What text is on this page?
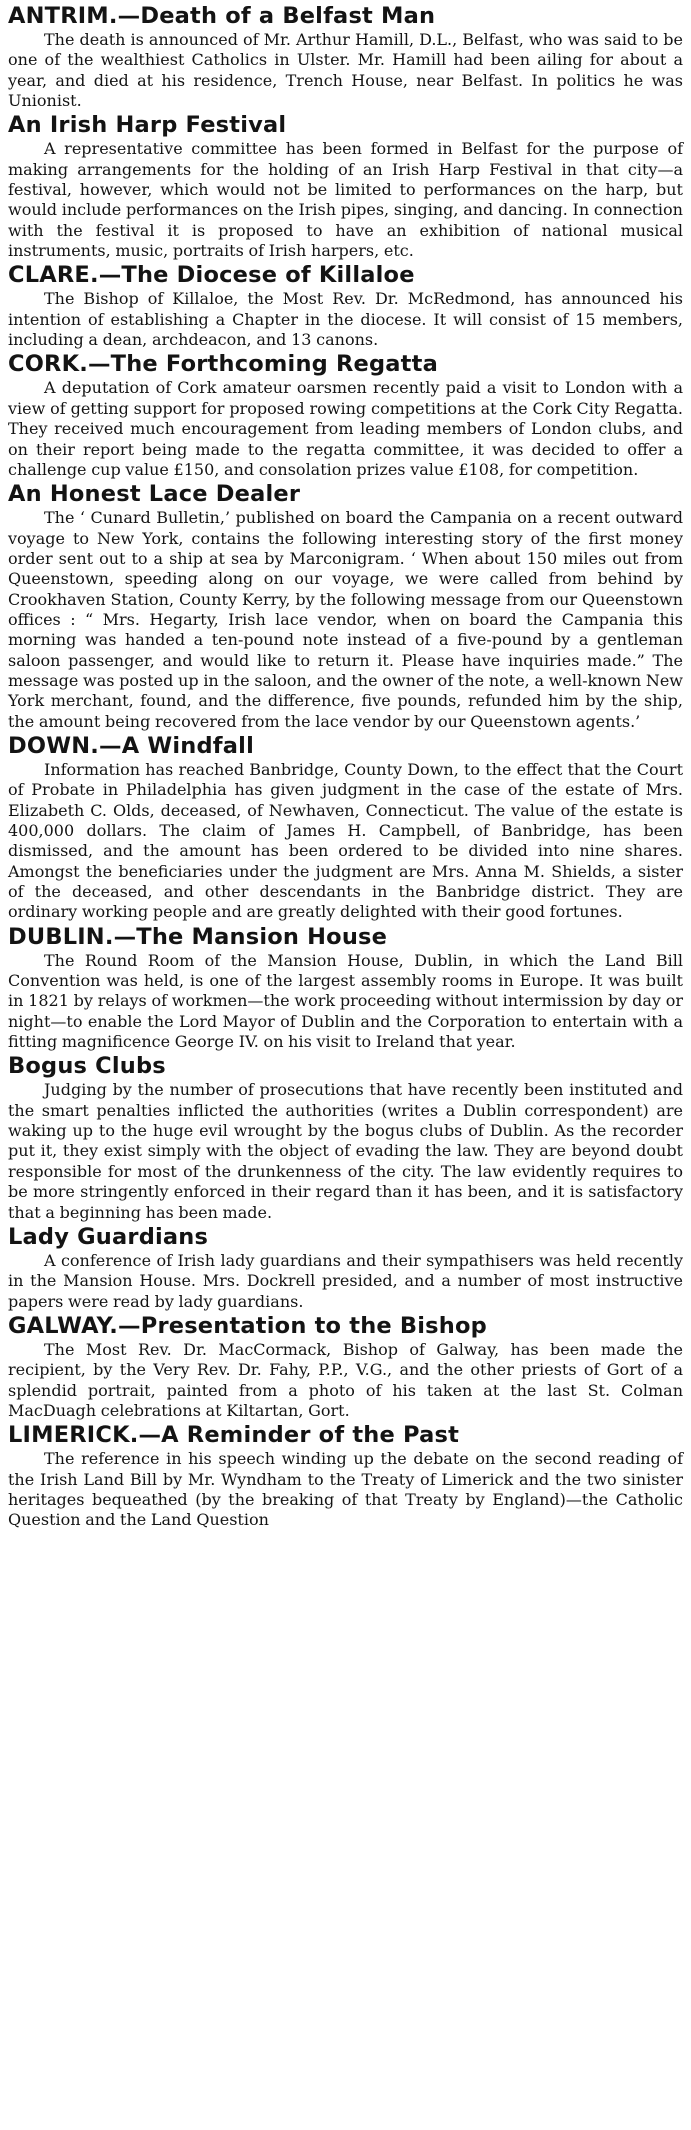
ANTRIM.—Death of a Belfast Man

The death is announced of Mr. Arthur Hamill, D.L., Belfast, who was said to be one of the wealthiest Catholics in Ulster. Mr. Hamill had been ailing for about a year, and died at his residence, Trench House, near Belfast. In politics he was Unionist.

An Irish Harp Festival

A representative committee has been formed in Belfast for the purpose of making arrangements for the holding of an Irish Harp Festival in that city—a festival, however, which would not be limited to performances on the harp, but would include performances on the Irish pipes, singing, and dancing. In connection with the festival it is proposed to have an exhibition of national musical instruments, music, portraits of Irish harpers, etc.

CLARE.—The Diocese of Killaloe

The Bishop of Killaloe, the Most Rev. Dr. McRedmond, has announced his intention of establishing a Chapter in the diocese. It will consist of 15 members, including a dean, archdeacon, and 13 canons.

CORK.—The Forthcoming Regatta

A deputation of Cork amateur oarsmen recently paid a visit to London with a view of getting support for proposed rowing competitions at the Cork City Regatta. They received much encouragement from leading members of London clubs, and on their report being made to the regatta committee, it was decided to offer a challenge cup value £150, and consolation prizes value £108, for competition.

An Honest Lace Dealer

The ‘ Cunard Bulletin,’ published on board the Campania on a recent outward voyage to New York, contains the following interesting story of the first money order sent out to a ship at sea by Marconigram. ‘ When about 150 miles out from Queenstown, speeding along on our voyage, we were called from behind by Crookhaven Station, County Kerry, by the following message from our Queenstown offices : “ Mrs. Hegarty, Irish lace vendor, when on board the Campania this morning was handed a ten-pound note instead of a five-pound by a gentleman saloon passenger, and would like to return it. Please have inquiries made.” The message was posted up in the saloon, and the owner of the note, a well-known New York merchant, found, and the difference, five pounds, refunded him by the ship, the amount being recovered from the lace vendor by our Queenstown agents.’

DOWN.—A Windfall

Information has reached Banbridge, County Down, to the effect that the Court of Probate in Philadelphia has given judgment in the case of the estate of Mrs. Elizabeth C. Olds, deceased, of Newhaven, Connecticut. The value of the estate is 400,000 dollars. The claim of James H. Campbell, of Banbridge, has been dismissed, and the amount has been ordered to be divided into nine shares. Amongst the beneficiaries under the judgment are Mrs. Anna M. Shields, a sister of the deceased, and other descendants in the Banbridge district. They are ordinary working people and are greatly delighted with their good fortunes.

DUBLIN.—The Mansion House

The Round Room of the Mansion House, Dublin, in which the Land Bill Convention was held, is one of the largest assembly rooms in Europe. It was built in 1821 by relays of workmen—the work proceeding without intermission by day or night—to enable the Lord Mayor of Dublin and the Corporation to entertain with a fitting magnificence George IV. on his visit to Ireland that year.

Bogus Clubs

Judging by the number of prosecutions that have recently been instituted and the smart penalties inflicted the authorities (writes a Dublin correspondent) are waking up to the huge evil wrought by the bogus clubs of Dublin. As the recorder put it, they exist simply with the object of evading the law. They are beyond doubt responsible for most of the drunkenness of the city. The law evidently requires to be more stringently enforced in their regard than it has been, and it is satisfactory that a beginning has been made.

Lady Guardians

A conference of Irish lady guardians and their sympathisers was held recently in the Mansion House. Mrs. Dockrell presided, and a number of most instructive papers were read by lady guardians.

GALWAY.—Presentation to the Bishop

The Most Rev. Dr. MacCormack, Bishop of Galway, has been made the recipient, by the Very Rev. Dr. Fahy, P.P., V.G., and the other priests of Gort of a splendid portrait, painted from a photo of his taken at the last St. Colman MacDuagh celebrations at Kiltartan, Gort.

LIMERICK.—A Reminder of the Past

The reference in his speech winding up the debate on the second reading of the Irish Land Bill by Mr. Wyndham to the Treaty of Limerick and the two sinister heritages bequeathed (by the breaking of that Treaty by England)—the Catholic Question and the Land Question
